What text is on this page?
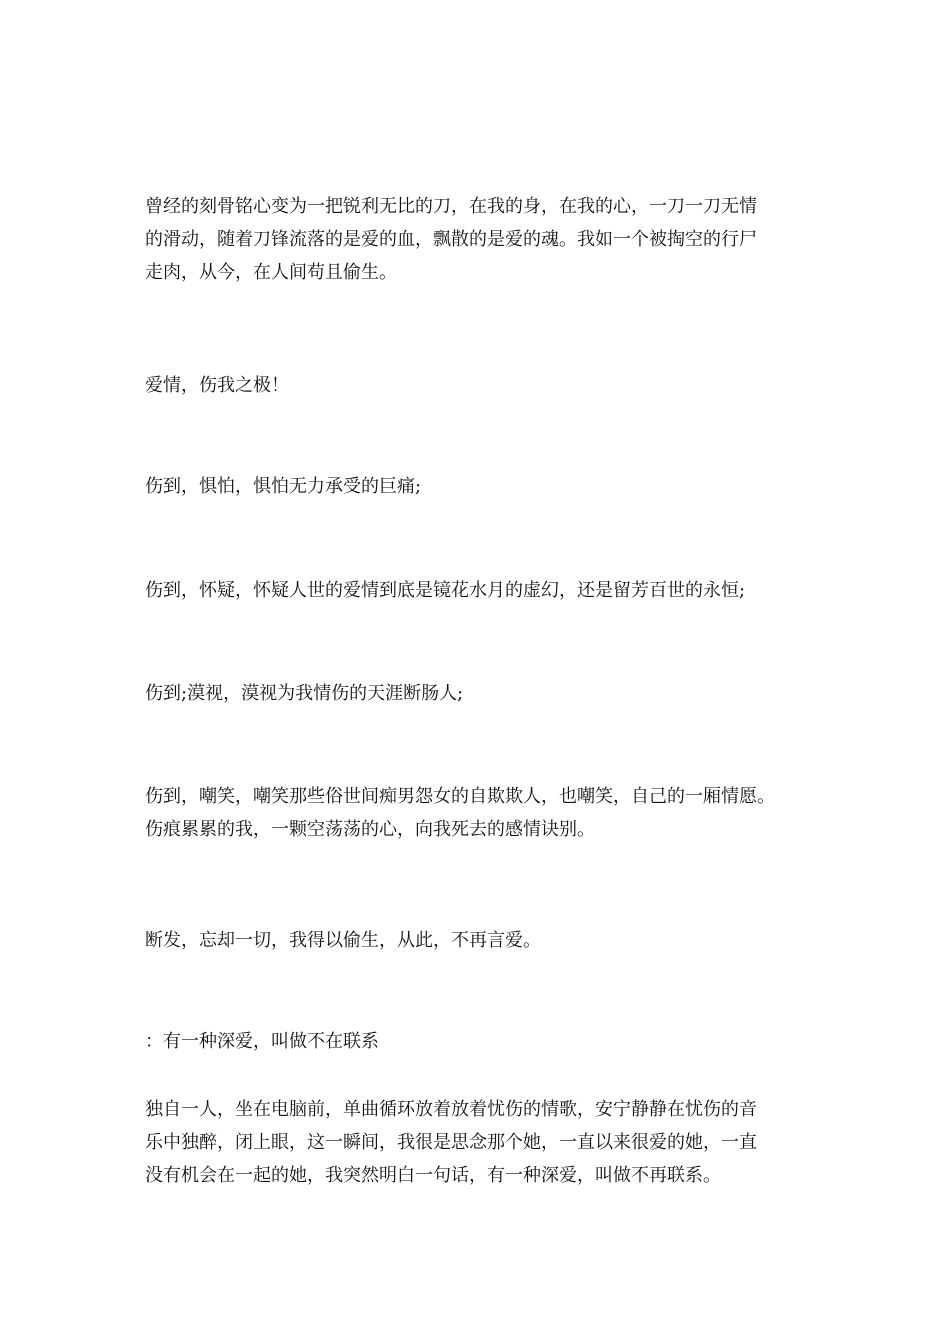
曾经的刻骨铭心变为一把锐利无比的刀，在我的身，在我的心，一刀一刀无情
的滑动，随着刀锋流落的是爱的血，飘散的是爱的魂。我如一个被掏空的行尸
走肉，从今，在人间苟且偷生。
爱情，伤我之极！
伤到，惧怕，惧怕无力承受的巨痛;
伤到，怀疑，怀疑人世的爱情到底是镜花水月的虚幻，还是留芳百世的永恒;
伤到;漠视，漠视为我情伤的天涯断肠人;
伤到，嘲笑，嘲笑那些俗世间痴男怨女的自欺欺人，也嘲笑，自己的一厢情愿。
伤痕累累的我，一颗空荡荡的心，向我死去的感情诀别。
断发，忘却一切，我得以偷生，从此，不再言爱。
：有一种深爱，叫做不在联系
独自一人，坐在电脑前，单曲循环放着放着忧伤的情歌，安宁静静在忧伤的音
乐中独醉，闭上眼，这一瞬间，我很是思念那个她，一直以来很爱的她，一直
没有机会在一起的她，我突然明白一句话，有一种深爱，叫做不再联系。
